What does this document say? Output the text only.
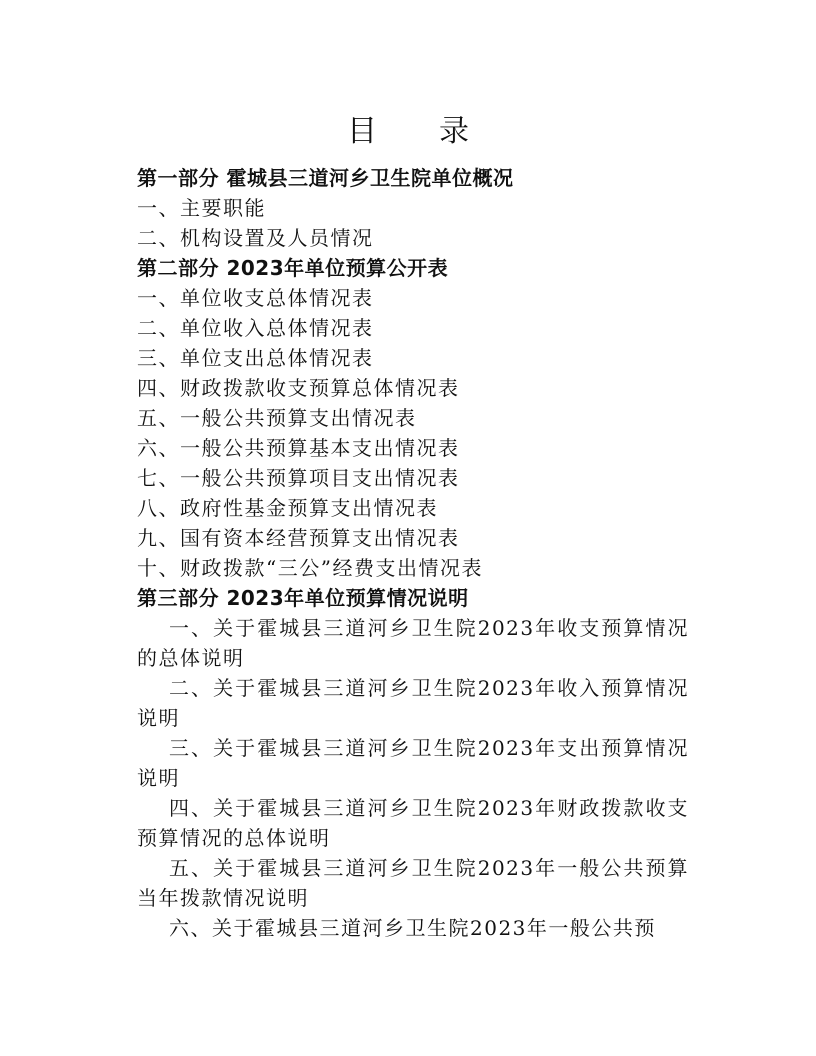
目录
第一部分 霍城县三道河乡卫生院单位概况
一、主要职能
二、机构设置及人员情况
第二部分 2023年单位预算公开表
一、单位收支总体情况表
二、单位收入总体情况表
三、单位支出总体情况表
四、财政拨款收支预算总体情况表
五、一般公共预算支出情况表
六、一般公共预算基本支出情况表
七、一般公共预算项目支出情况表
八、政府性基金预算支出情况表
九、国有资本经营预算支出情况表
十、财政拨款“三公”经费支出情况表
第三部分 2023年单位预算情况说明
一、关于霍城县三道河乡卫生院2023年收支预算情况的总体说明
二、关于霍城县三道河乡卫生院2023年收入预算情况说明
三、关于霍城县三道河乡卫生院2023年支出预算情况说明
四、关于霍城县三道河乡卫生院2023年财政拨款收支预算情况的总体说明
五、关于霍城县三道河乡卫生院2023年一般公共预算当年拨款情况说明
六、关于霍城县三道河乡卫生院2023年一般公共预
